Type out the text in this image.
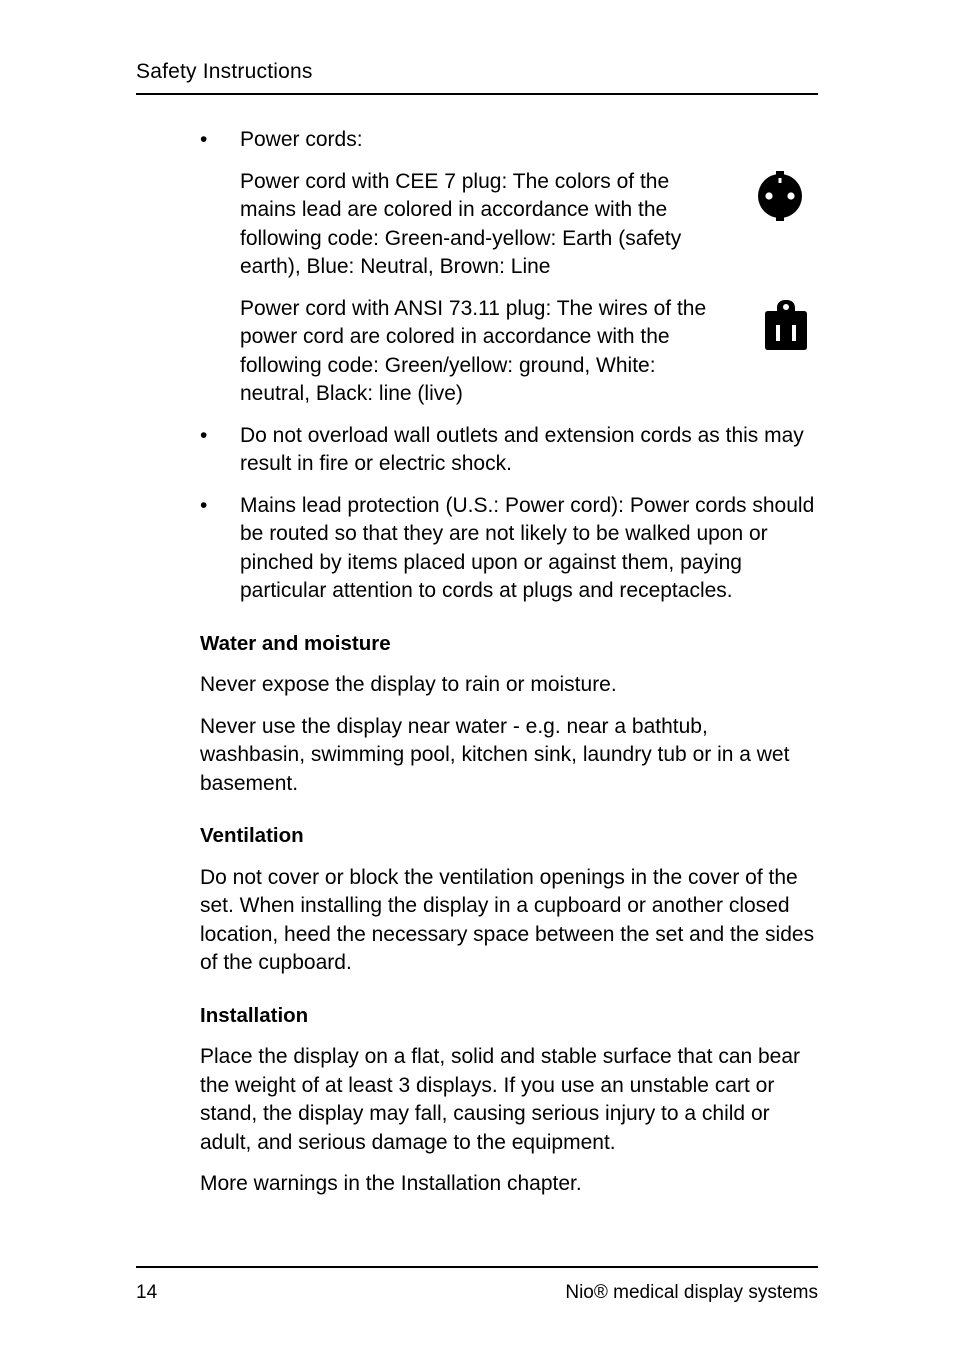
Safety Instructions
• Power cords:
Power cord with CEE 7 plug: The colors of the mains lead are colored in accordance with the following code: Green-and-yellow: Earth (safety earth), Blue: Neutral, Brown: Line
Power cord with ANSI 73.11 plug: The wires of the power cord are colored in accordance with the following code: Green/yellow: ground, White: neutral, Black: line (live)
• Do not overload wall outlets and extension cords as this may result in fire or electric shock.
• Mains lead protection (U.S.: Power cord): Power cords should be routed so that they are not likely to be walked upon or pinched by items placed upon or against them, paying particular attention to cords at plugs and receptacles.
Water and moisture
Never expose the display to rain or moisture.
Never use the display near water - e.g. near a bathtub, washbasin, swimming pool, kitchen sink, laundry tub or in a wet basement.
Ventilation
Do not cover or block the ventilation openings in the cover of the set. When installing the display in a cupboard or another closed location, heed the necessary space between the set and the sides of the cupboard.
Installation
Place the display on a flat, solid and stable surface that can bear the weight of at least 3 displays. If you use an unstable cart or stand, the display may fall, causing serious injury to a child or adult, and serious damage to the equipment.
More warnings in the Installation chapter.
14	Nio® medical display systems
